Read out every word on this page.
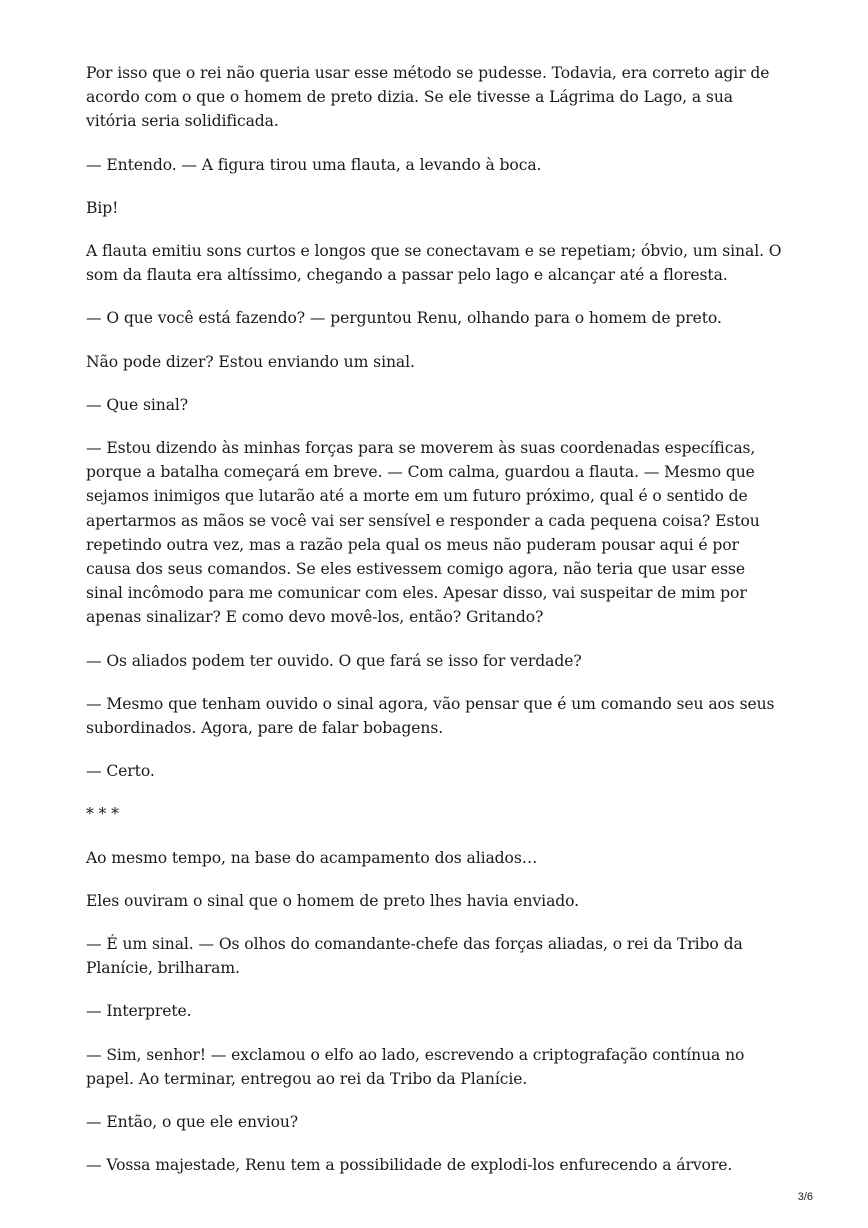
Por isso que o rei não queria usar esse método se pudesse. Todavia, era correto agir de acordo com o que o homem de preto dizia. Se ele tivesse a Lágrima do Lago, a sua vitória seria solidificada.

— Entendo. — A figura tirou uma flauta, a levando à boca.

Bip!

A flauta emitiu sons curtos e longos que se conectavam e se repetiam; óbvio, um sinal. O som da flauta era altíssimo, chegando a passar pelo lago e alcançar até a floresta.

— O que você está fazendo? — perguntou Renu, olhando para o homem de preto.

Não pode dizer? Estou enviando um sinal.

— Que sinal?

— Estou dizendo às minhas forças para se moverem às suas coordenadas específicas, porque a batalha começará em breve. — Com calma, guardou a flauta. — Mesmo que sejamos inimigos que lutarão até a morte em um futuro próximo, qual é o sentido de apertarmos as mãos se você vai ser sensível e responder a cada pequena coisa? Estou repetindo outra vez, mas a razão pela qual os meus não puderam pousar aqui é por causa dos seus comandos. Se eles estivessem comigo agora, não teria que usar esse sinal incômodo para me comunicar com eles. Apesar disso, vai suspeitar de mim por apenas sinalizar? E como devo movê-los, então? Gritando?

— Os aliados podem ter ouvido. O que fará se isso for verdade?

— Mesmo que tenham ouvido o sinal agora, vão pensar que é um comando seu aos seus subordinados. Agora, pare de falar bobagens.

— Certo.

* * *

Ao mesmo tempo, na base do acampamento dos aliados…

Eles ouviram o sinal que o homem de preto lhes havia enviado.

— É um sinal. — Os olhos do comandante-chefe das forças aliadas, o rei da Tribo da Planície, brilharam.

— Interprete.

— Sim, senhor! — exclamou o elfo ao lado, escrevendo a criptografação contínua no papel. Ao terminar, entregou ao rei da Tribo da Planície.

— Então, o que ele enviou?

— Vossa majestade, Renu tem a possibilidade de explodi-los enfurecendo a árvore.

3/6
